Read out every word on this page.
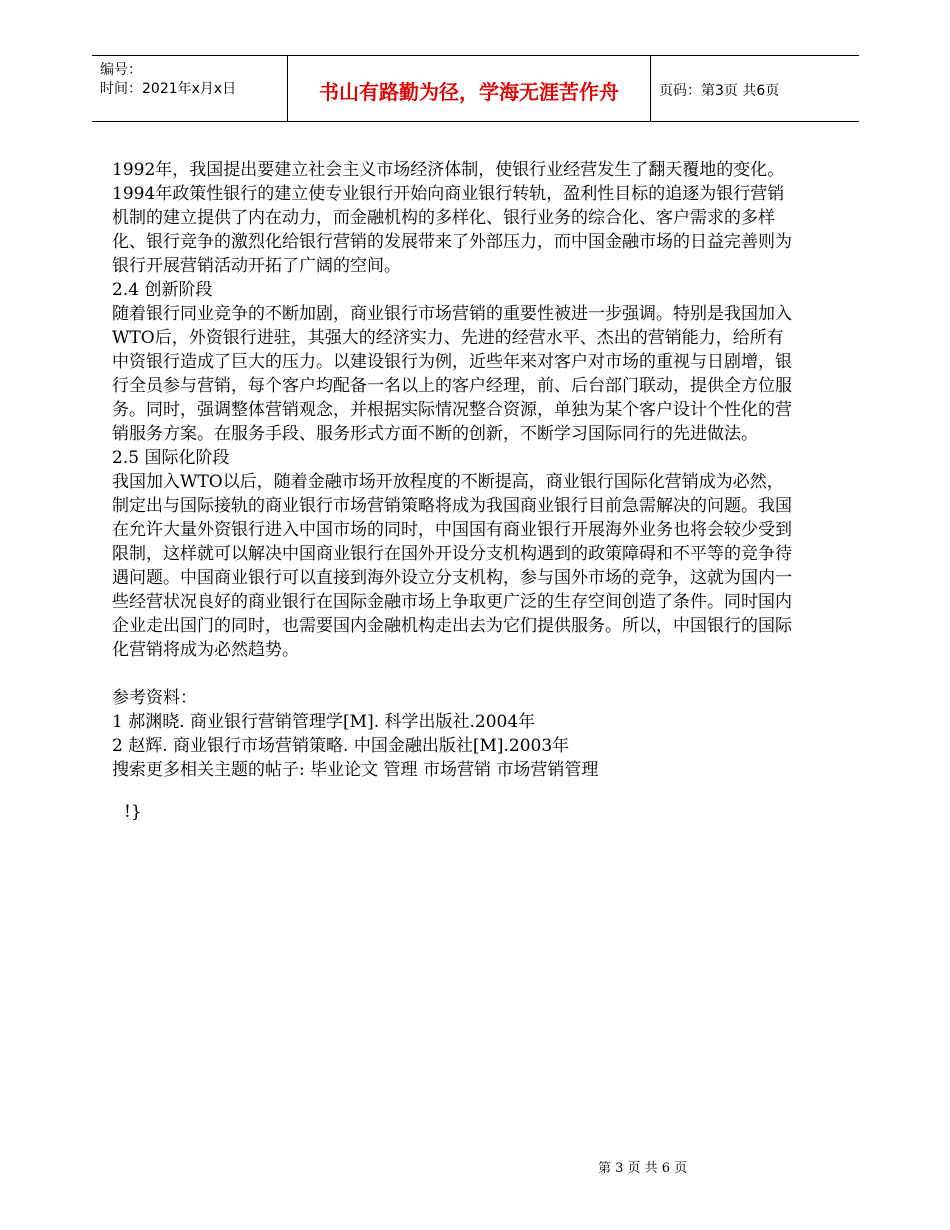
编号：
时间：2021年x月x日	书山有路勤为径，学海无涯苦作舟	页码：第3页 共6页

1992年，我国提出要建立社会主义市场经济体制，使银行业经营发生了翻天覆地的变化。1994年政策性银行的建立使专业银行开始向商业银行转轨，盈利性目标的追逐为银行营销机制的建立提供了内在动力，而金融机构的多样化、银行业务的综合化、客户需求的多样化、银行竞争的激烈化给银行营销的发展带来了外部压力，而中国金融市场的日益完善则为银行开展营销活动开拓了广阔的空间。

2.4 创新阶段

随着银行同业竞争的不断加剧，商业银行市场营销的重要性被进一步强调。特别是我国加入WTO后，外资银行进驻，其强大的经济实力、先进的经营水平、杰出的营销能力，给所有中资银行造成了巨大的压力。以建设银行为例，近些年来对客户对市场的重视与日剧增，银行全员参与营销，每个客户均配备一名以上的客户经理，前、后台部门联动，提供全方位服务。同时，强调整体营销观念，并根据实际情况整合资源，单独为某个客户设计个性化的营销服务方案。在服务手段、服务形式方面不断的创新，不断学习国际同行的先进做法。

2.5 国际化阶段

我国加入WTO以后，随着金融市场开放程度的不断提高，商业银行国际化营销成为必然，制定出与国际接轨的商业银行市场营销策略将成为我国商业银行目前急需解决的问题。我国在允许大量外资银行进入中国市场的同时，中国国有商业银行开展海外业务也将会较少受到限制，这样就可以解决中国商业银行在国外开设分支机构遇到的政策障碍和不平等的竞争待遇问题。中国商业银行可以直接到海外设立分支机构，参与国外市场的竞争，这就为国内一些经营状况良好的商业银行在国际金融市场上争取更广泛的生存空间创造了条件。同时国内企业走出国门的同时，也需要国内金融机构走出去为它们提供服务。所以，中国银行的国际化营销将成为必然趋势。

参考资料：

1 郝渊晓. 商业银行营销管理学[M]. 科学出版社.2004年

2 赵辉. 商业银行市场营销策略. 中国金融出版社[M].2003年

搜索更多相关主题的帖子: 毕业论文 管理 市场营销 市场营销管理

!}

第 3 页 共 6 页
